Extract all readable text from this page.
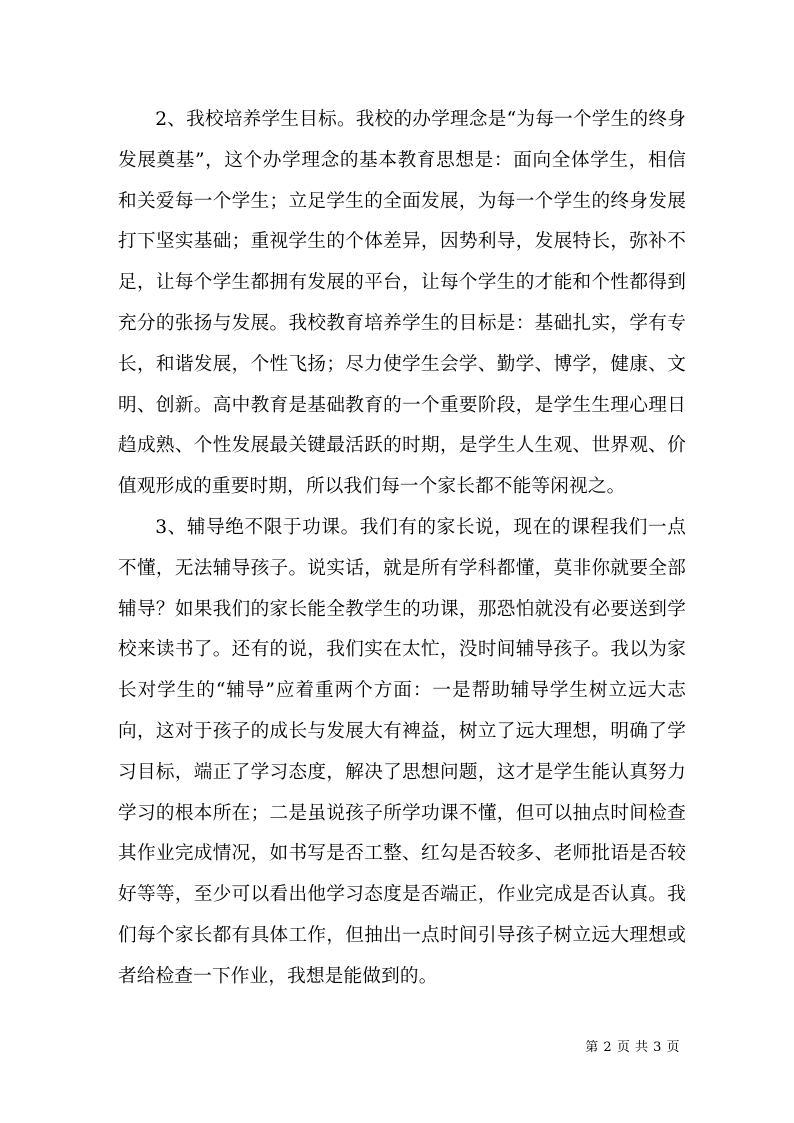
2、我校培养学生目标。我校的办学理念是“为每一个学生的终身发展奠基”，这个办学理念的基本教育思想是：面向全体学生，相信和关爱每一个学生；立足学生的全面发展，为每一个学生的终身发展打下坚实基础；重视学生的个体差异，因势利导，发展特长，弥补不足，让每个学生都拥有发展的平台，让每个学生的才能和个性都得到充分的张扬与发展。我校教育培养学生的目标是：基础扎实，学有专长，和谐发展，个性飞扬；尽力使学生会学、勤学、博学，健康、文明、创新。高中教育是基础教育的一个重要阶段，是学生生理心理日趋成熟、个性发展最关键最活跃的时期，是学生人生观、世界观、价值观形成的重要时期，所以我们每一个家长都不能等闲视之。

3、辅导绝不限于功课。我们有的家长说，现在的课程我们一点不懂，无法辅导孩子。说实话，就是所有学科都懂，莫非你就要全部辅导？如果我们的家长能全教学生的功课，那恐怕就没有必要送到学校来读书了。还有的说，我们实在太忙，没时间辅导孩子。我以为家长对学生的“辅导”应着重两个方面：一是帮助辅导学生树立远大志向，这对于孩子的成长与发展大有裨益，树立了远大理想，明确了学习目标，端正了学习态度，解决了思想问题，这才是学生能认真努力学习的根本所在；二是虽说孩子所学功课不懂，但可以抽点时间检查其作业完成情况，如书写是否工整、红勾是否较多、老师批语是否较好等等，至少可以看出他学习态度是否端正，作业完成是否认真。我们每个家长都有具体工作，但抽出一点时间引导孩子树立远大理想或者给检查一下作业，我想是能做到的。

第 2 页 共 3 页
